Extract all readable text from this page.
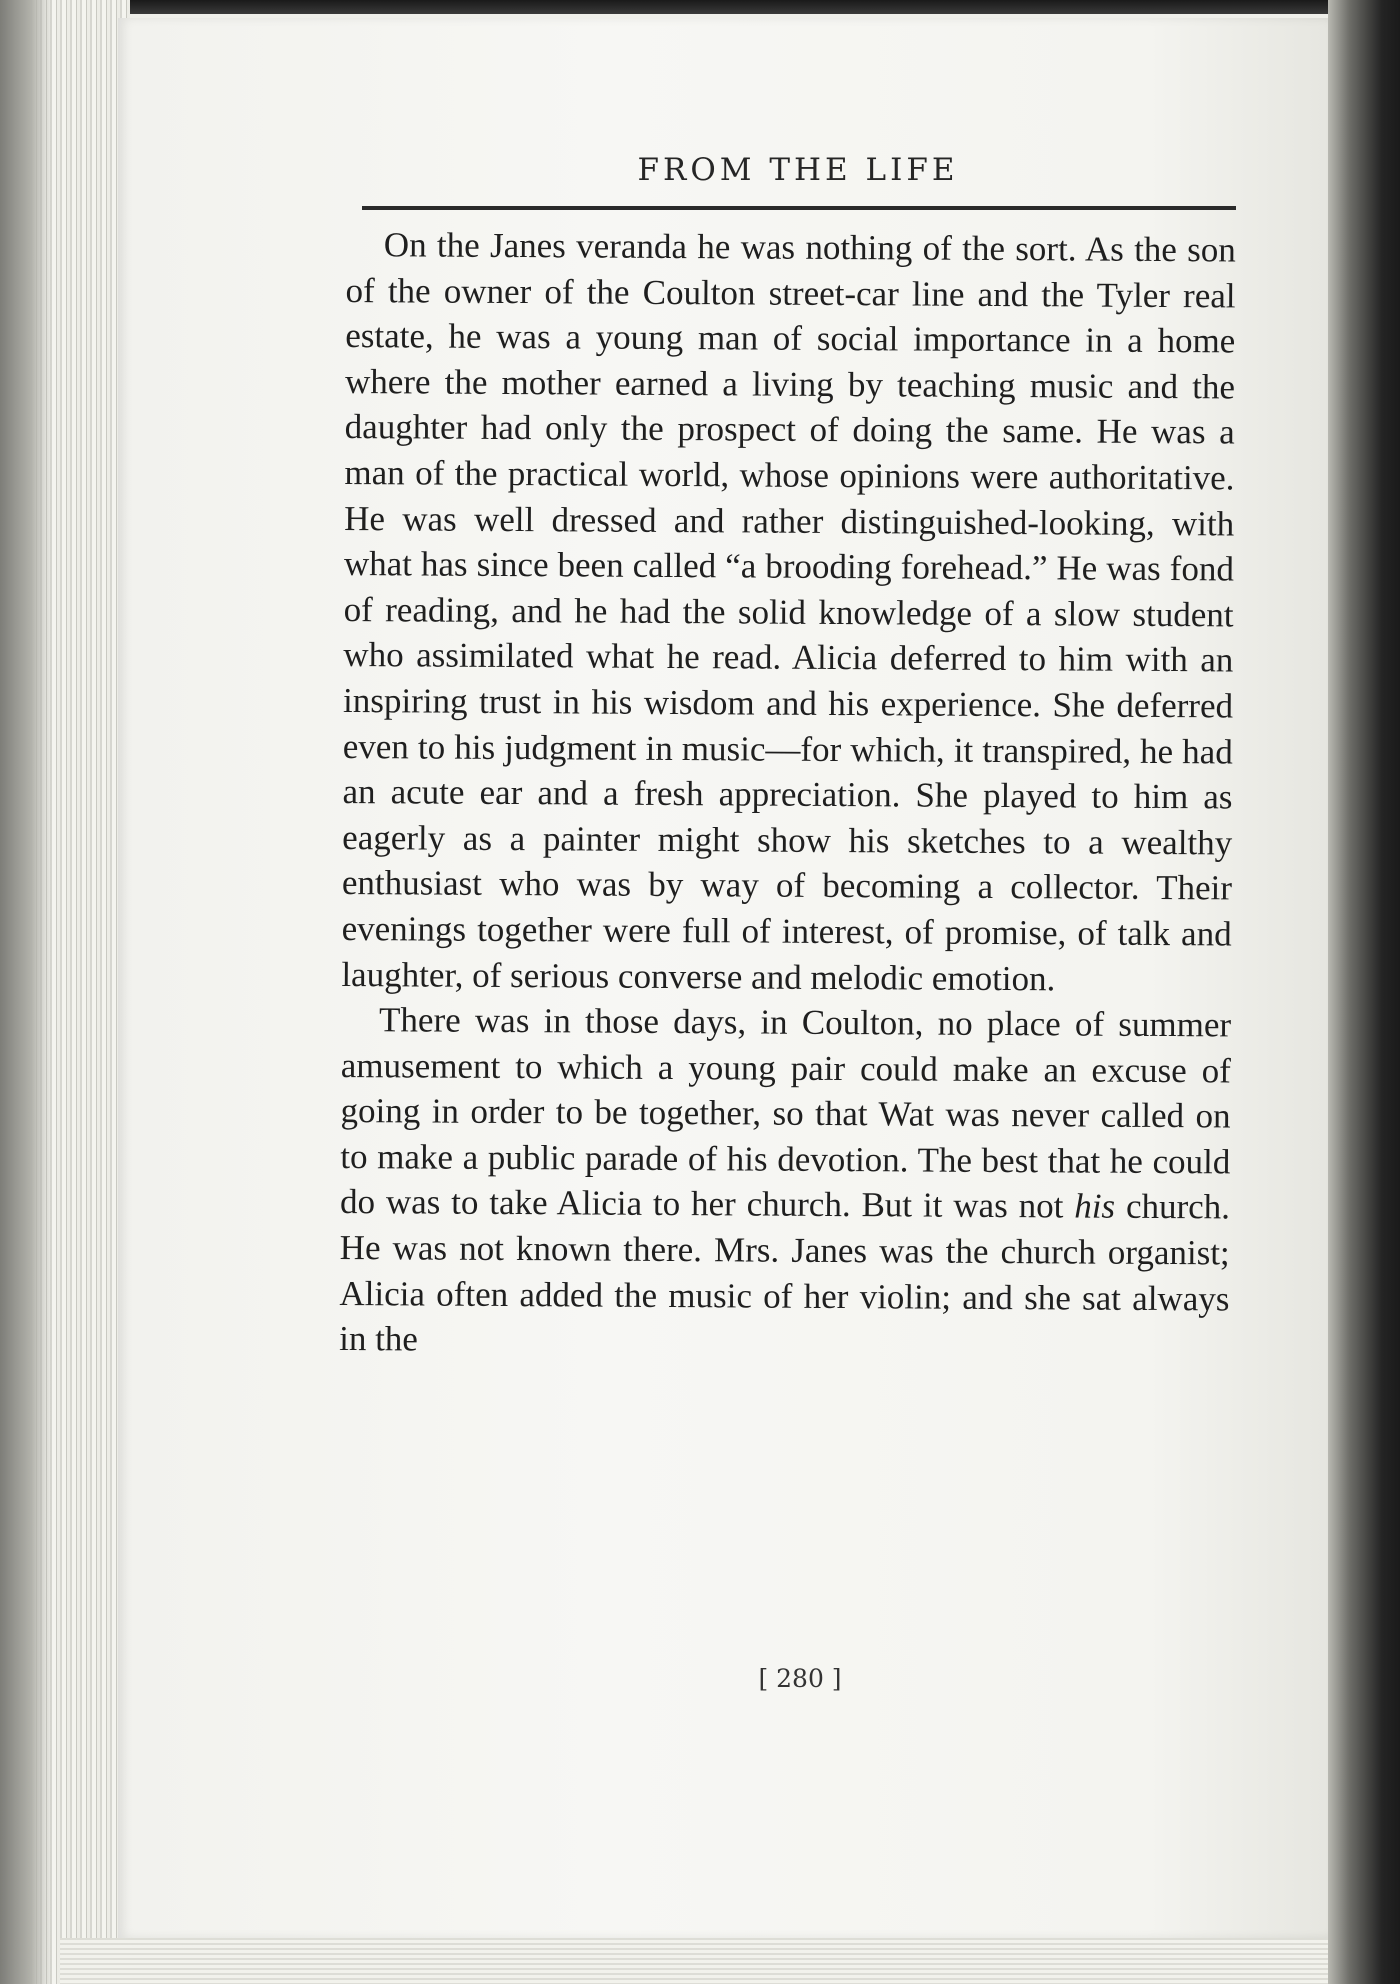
FROM THE LIFE

On the Janes veranda he was nothing of the sort. As the son of the owner of the Coulton street-car line and the Tyler real estate, he was a young man of social importance in a home where the mother earned a living by teaching music and the daughter had only the prospect of doing the same. He was a man of the practical world, whose opinions were authoritative. He was well dressed and rather distinguished-looking, with what has since been called “a brooding forehead.” He was fond of reading, and he had the solid knowledge of a slow student who assimilated what he read. Alicia deferred to him with an inspiring trust in his wisdom and his experience. She deferred even to his judgment in music—for which, it transpired, he had an acute ear and a fresh appreciation. She played to him as eagerly as a painter might show his sketches to a wealthy enthusiast who was by way of becoming a collector. Their evenings together were full of interest, of promise, of talk and laughter, of serious converse and melodic emotion.

There was in those days, in Coulton, no place of summer amusement to which a young pair could make an excuse of going in order to be together, so that Wat was never called on to make a public parade of his devotion. The best that he could do was to take Alicia to her church. But it was not his church. He was not known there. Mrs. Janes was the church organist; Alicia often added the music of her violin; and she sat always in the

[ 280 ]
